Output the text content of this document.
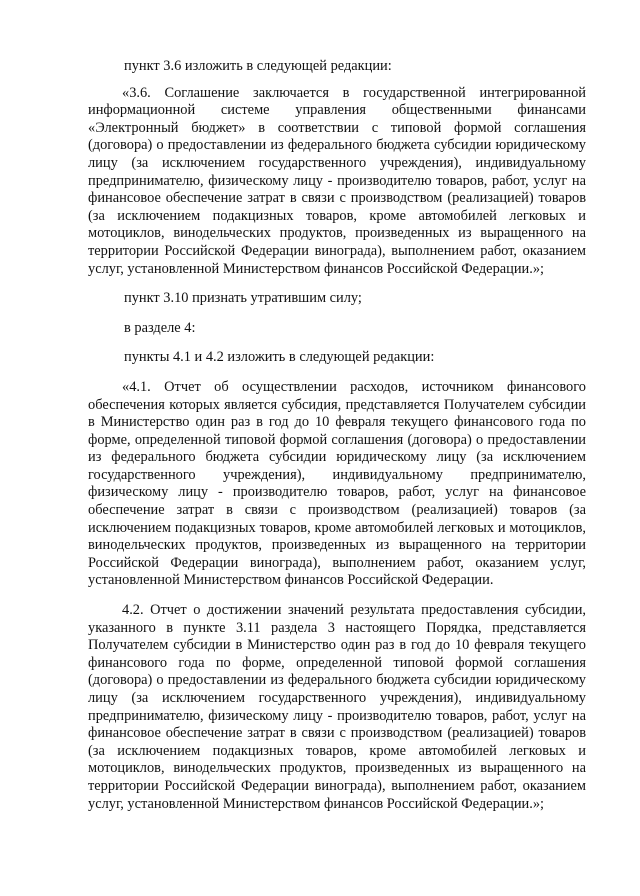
пункт 3.6 изложить в следующей редакции:

«3.6. Соглашение заключается в государственной интегрированной информационной системе управления общественными финансами «Электронный бюджет» в соответствии с типовой формой соглашения (договора) о предоставлении из федерального бюджета субсидии юридическому лицу (за исключением государственного учреждения), индивидуальному предпринимателю, физическому лицу - производителю товаров, работ, услуг на финансовое обеспечение затрат в связи с производством (реализацией) товаров (за исключением подакцизных товаров, кроме автомобилей легковых и мотоциклов, винодельческих продуктов, произведенных из выращенного на территории Российской Федерации винограда), выполнением работ, оказанием услуг, установленной Министерством финансов Российской Федерации.»;

пункт 3.10 признать утратившим силу;

в разделе 4:

пункты 4.1 и 4.2 изложить в следующей редакции:

«4.1. Отчет об осуществлении расходов, источником финансового обеспечения которых является субсидия, представляется Получателем субсидии в Министерство один раз в год до 10 февраля текущего финансового года по форме, определенной типовой формой соглашения (договора) о предоставлении из федерального бюджета субсидии юридическому лицу (за исключением государственного учреждения), индивидуальному предпринимателю, физическому лицу - производителю товаров, работ, услуг на финансовое обеспечение затрат в связи с производством (реализацией) товаров (за исключением подакцизных товаров, кроме автомобилей легковых и мотоциклов, винодельческих продуктов, произведенных из выращенного на территории Российской Федерации винограда), выполнением работ, оказанием услуг, установленной Министерством финансов Российской Федерации.

4.2. Отчет о достижении значений результата предоставления субсидии, указанного в пункте 3.11 раздела 3 настоящего Порядка, представляется Получателем субсидии в Министерство один раз в год до 10 февраля текущего финансового года по форме, определенной типовой формой соглашения (договора) о предоставлении из федерального бюджета субсидии юридическому лицу (за исключением государственного учреждения), индивидуальному предпринимателю, физическому лицу - производителю товаров, работ, услуг на финансовое обеспечение затрат в связи с производством (реализацией) товаров (за исключением подакцизных товаров, кроме автомобилей легковых и мотоциклов, винодельческих продуктов, произведенных из выращенного на территории Российской Федерации винограда), выполнением работ, оказанием услуг, установленной Министерством финансов Российской Федерации.»;
